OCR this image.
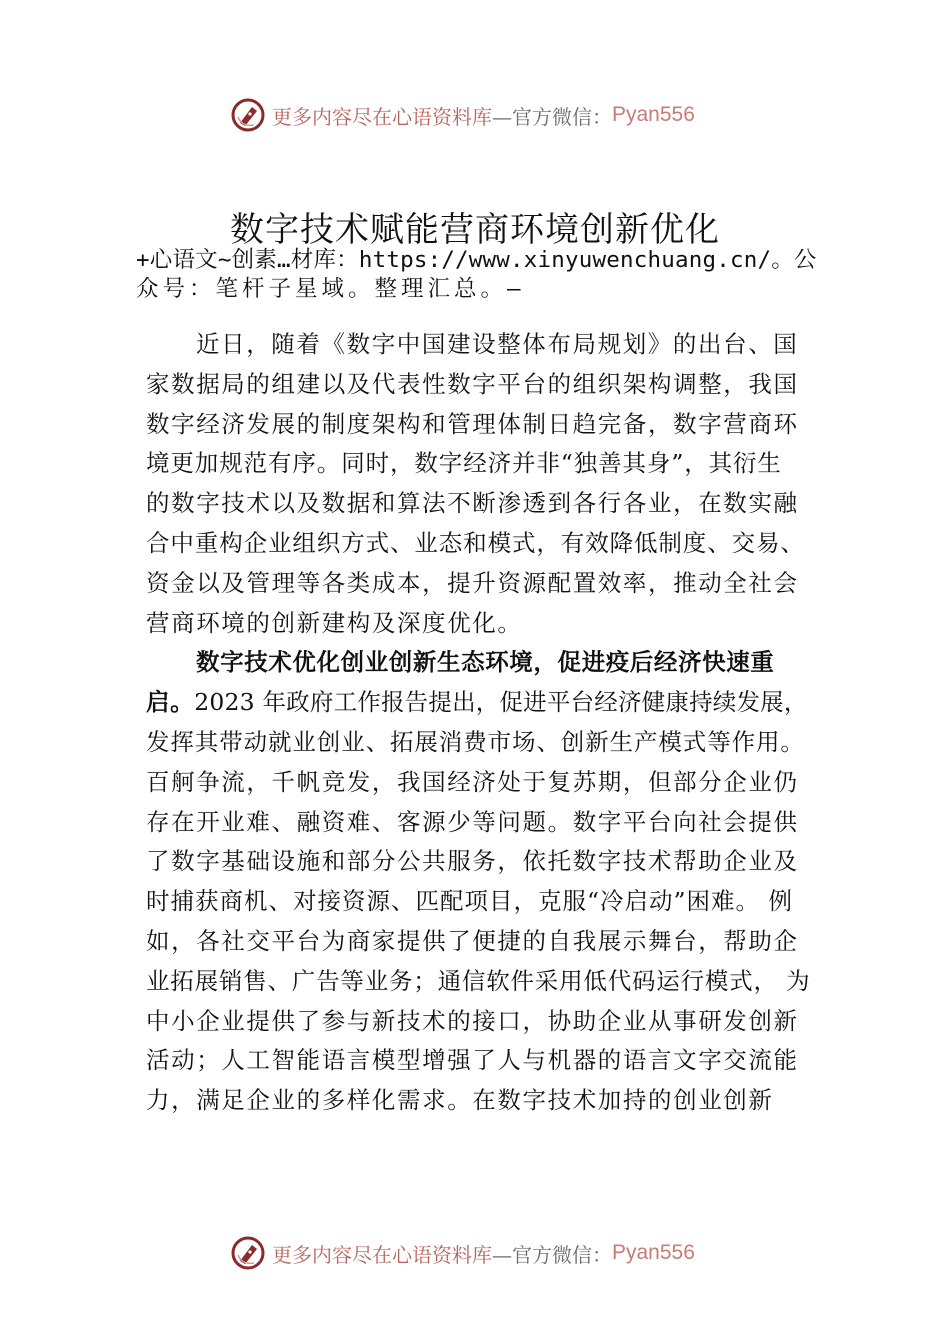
更多内容尽在心语资料库 —官方微信： Pyan556
数字技术赋能营商环境创新优化
+心语文~创素…材库：https://www.xinyuwenchuang.cn/。公
众号：笔杆子星域。整理汇总。—
近日，随着《数字中国建设整体布局规划》的出台、国
家数据局的组建以及代表性数字平台的组织架构调整，我国
数字经济发展的制度架构和管理体制日趋完备，数字营商环
境更加规范有序。同时，数字经济并非“独善其身”，其衍生
的数字技术以及数据和算法不断渗透到各行各业，在数实融
合中重构企业组织方式、业态和模式，有效降低制度、交易、
资金以及管理等各类成本，提升资源配置效率，推动全社会
营商环境的创新建构及深度优化。
数字技术优化创业创新生态环境，促进疫后经济快速重
启。2023 年政府工作报告提出，促进平台经济健康持续发展，
发挥其带动就业创业、拓展消费市场、创新生产模式等作用。
百舸争流，千帆竞发，我国经济处于复苏期，但部分企业仍
存在开业难、融资难、客源少等问题。数字平台向社会提供
了数字基础设施和部分公共服务，依托数字技术帮助企业及
时捕获商机、对接资源、匹配项目，克服“冷启动”困难。 例
如，各社交平台为商家提供了便捷的自我展示舞台，帮助企
业拓展销售、广告等业务；通信软件采用低代码运行模式， 为
中小企业提供了参与新技术的接口，协助企业从事研发创新
活动；人工智能语言模型增强了人与机器的语言文字交流能
力，满足企业的多样化需求。在数字技术加持的创业创新
更多内容尽在心语资料库 —官方微信： Pyan556
